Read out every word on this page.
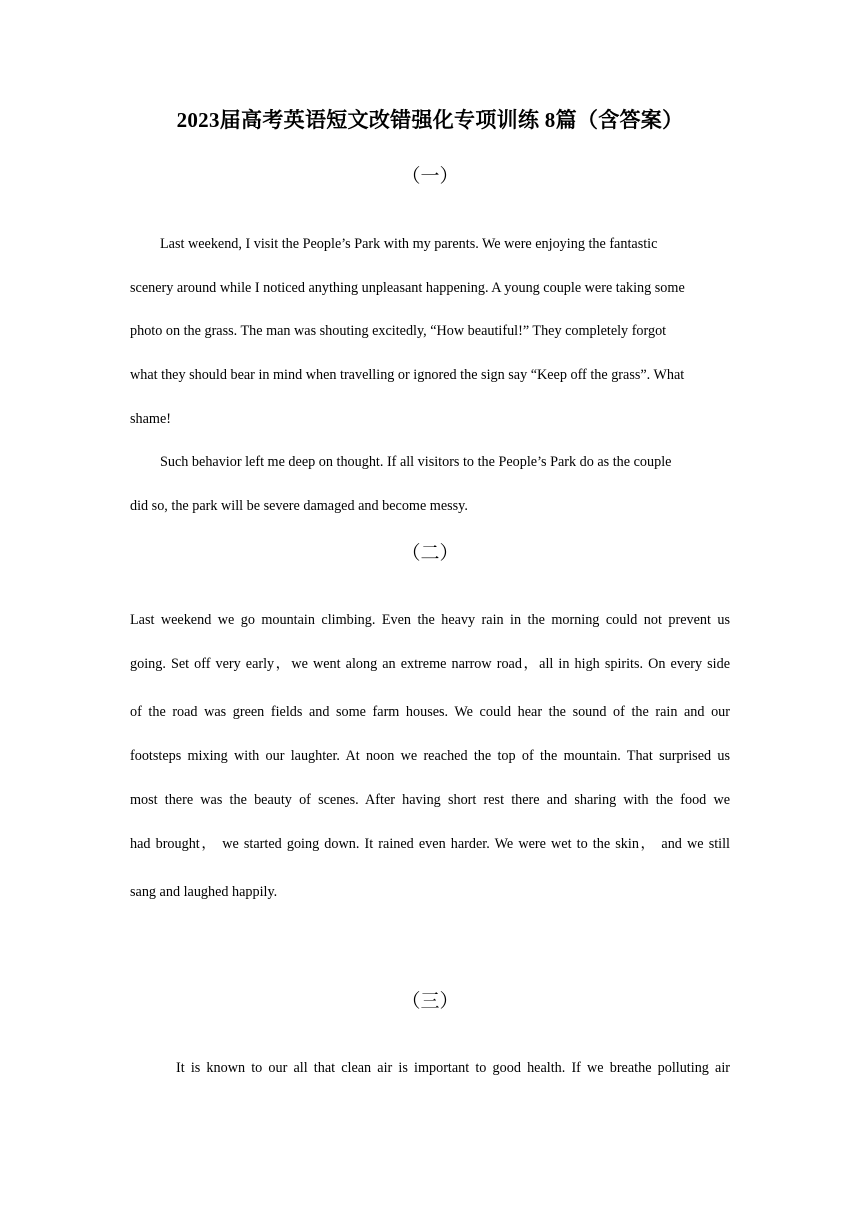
2023届高考英语短文改错强化专项训练 8篇（含答案）
（一）
Last weekend, I visit the People’s Park with my parents. We were enjoying the fantastic
scenery around while I noticed anything unpleasant happening. A young couple were taking some
photo on the grass. The man was shouting excitedly, “How beautiful!” They completely forgot
what they should bear in mind when travelling or ignored the sign say “Keep off the grass”. What
shame!
Such behavior left me deep on thought. If all visitors to the People’s Park do as the couple
did so, the park will be severe damaged and become messy.
（二）
Last weekend we go mountain climbing. Even the heavy rain in the morning could not prevent us
going. Set off very early，we went along an extreme narrow road，all in high spirits. On every side
of the road was green fields and some farm houses. We could hear the sound of the rain and our
footsteps mixing with our laughter. At noon we reached the top of the mountain. That surprised us
most there was the beauty of scenes. After having short rest there and sharing with the food we
had brought， we started going down. It rained even harder. We were wet to the skin， and we still
sang and laughed happily.
（三）
It is known to our all that clean air is important to good health. If we breathe polluting air
